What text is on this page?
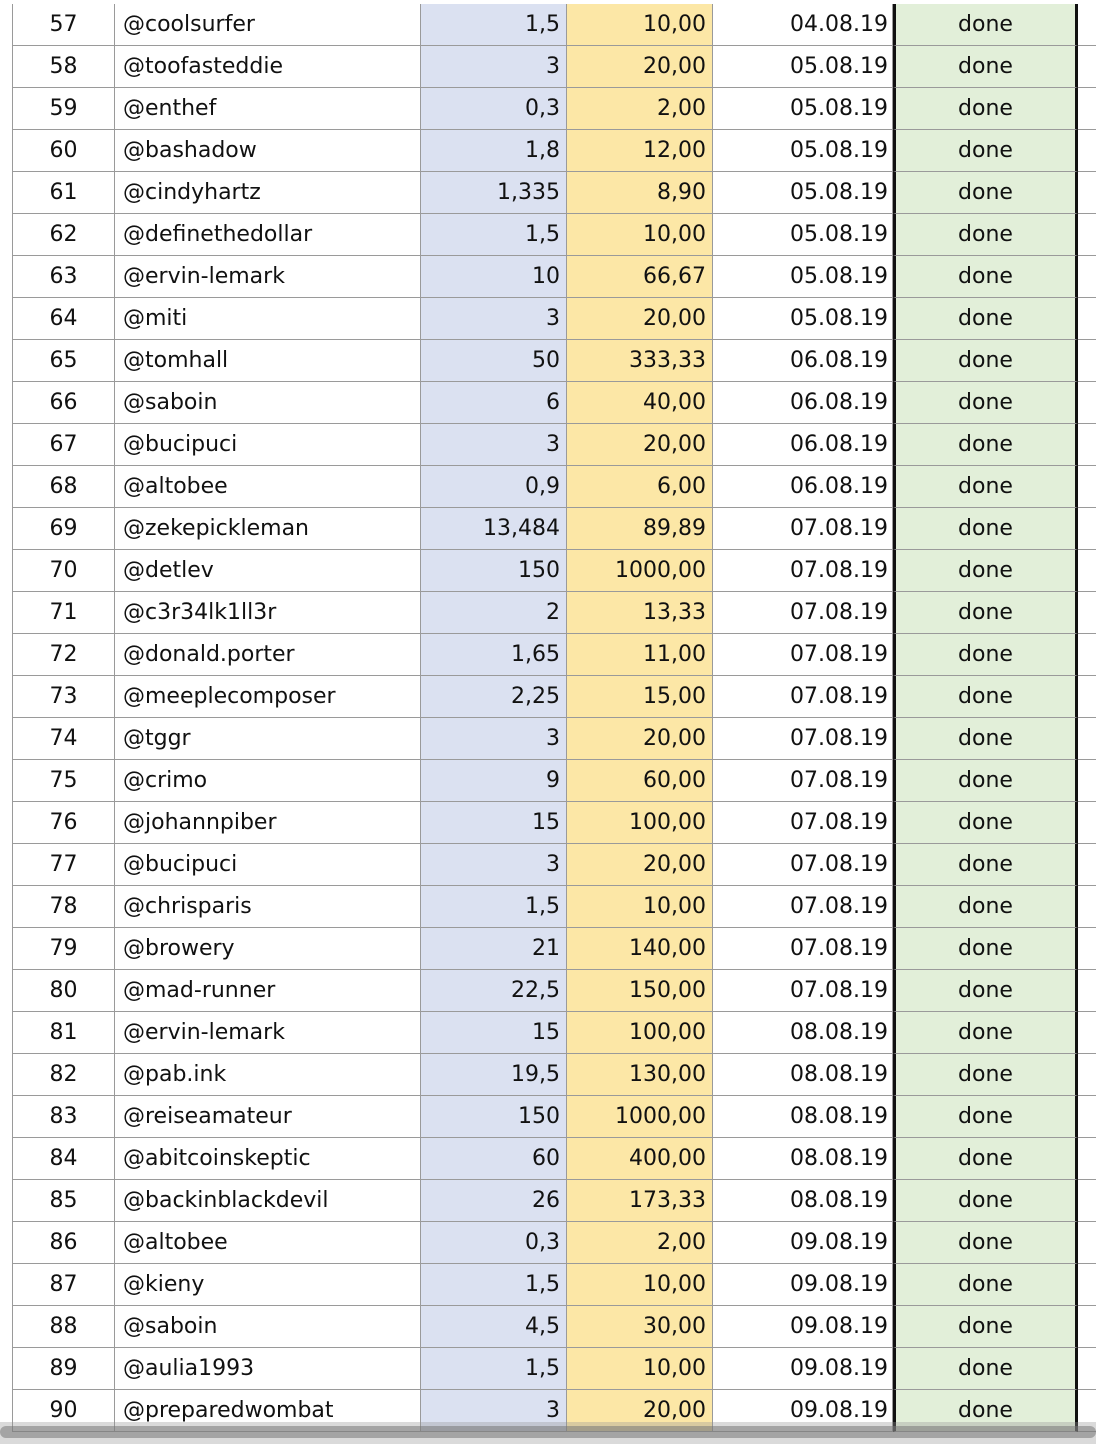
57	@coolsurfer	1,5	10,00	04.08.19	done
58	@toofasteddie	3	20,00	05.08.19	done
59	@enthef	0,3	2,00	05.08.19	done
60	@bashadow	1,8	12,00	05.08.19	done
61	@cindyhartz	1,335	8,90	05.08.19	done
62	@definethedollar	1,5	10,00	05.08.19	done
63	@ervin-lemark	10	66,67	05.08.19	done
64	@miti	3	20,00	05.08.19	done
65	@tomhall	50	333,33	06.08.19	done
66	@saboin	6	40,00	06.08.19	done
67	@bucipuci	3	20,00	06.08.19	done
68	@altobee	0,9	6,00	06.08.19	done
69	@zekepickleman	13,484	89,89	07.08.19	done
70	@detlev	150	1000,00	07.08.19	done
71	@c3r34lk1ll3r	2	13,33	07.08.19	done
72	@donald.porter	1,65	11,00	07.08.19	done
73	@meeplecomposer	2,25	15,00	07.08.19	done
74	@tggr	3	20,00	07.08.19	done
75	@crimo	9	60,00	07.08.19	done
76	@johannpiber	15	100,00	07.08.19	done
77	@bucipuci	3	20,00	07.08.19	done
78	@chrisparis	1,5	10,00	07.08.19	done
79	@browery	21	140,00	07.08.19	done
80	@mad-runner	22,5	150,00	07.08.19	done
81	@ervin-lemark	15	100,00	08.08.19	done
82	@pab.ink	19,5	130,00	08.08.19	done
83	@reiseamateur	150	1000,00	08.08.19	done
84	@abitcoinskeptic	60	400,00	08.08.19	done
85	@backinblackdevil	26	173,33	08.08.19	done
86	@altobee	0,3	2,00	09.08.19	done
87	@kieny	1,5	10,00	09.08.19	done
88	@saboin	4,5	30,00	09.08.19	done
89	@aulia1993	1,5	10,00	09.08.19	done
90	@preparedwombat	3	20,00	09.08.19	done
